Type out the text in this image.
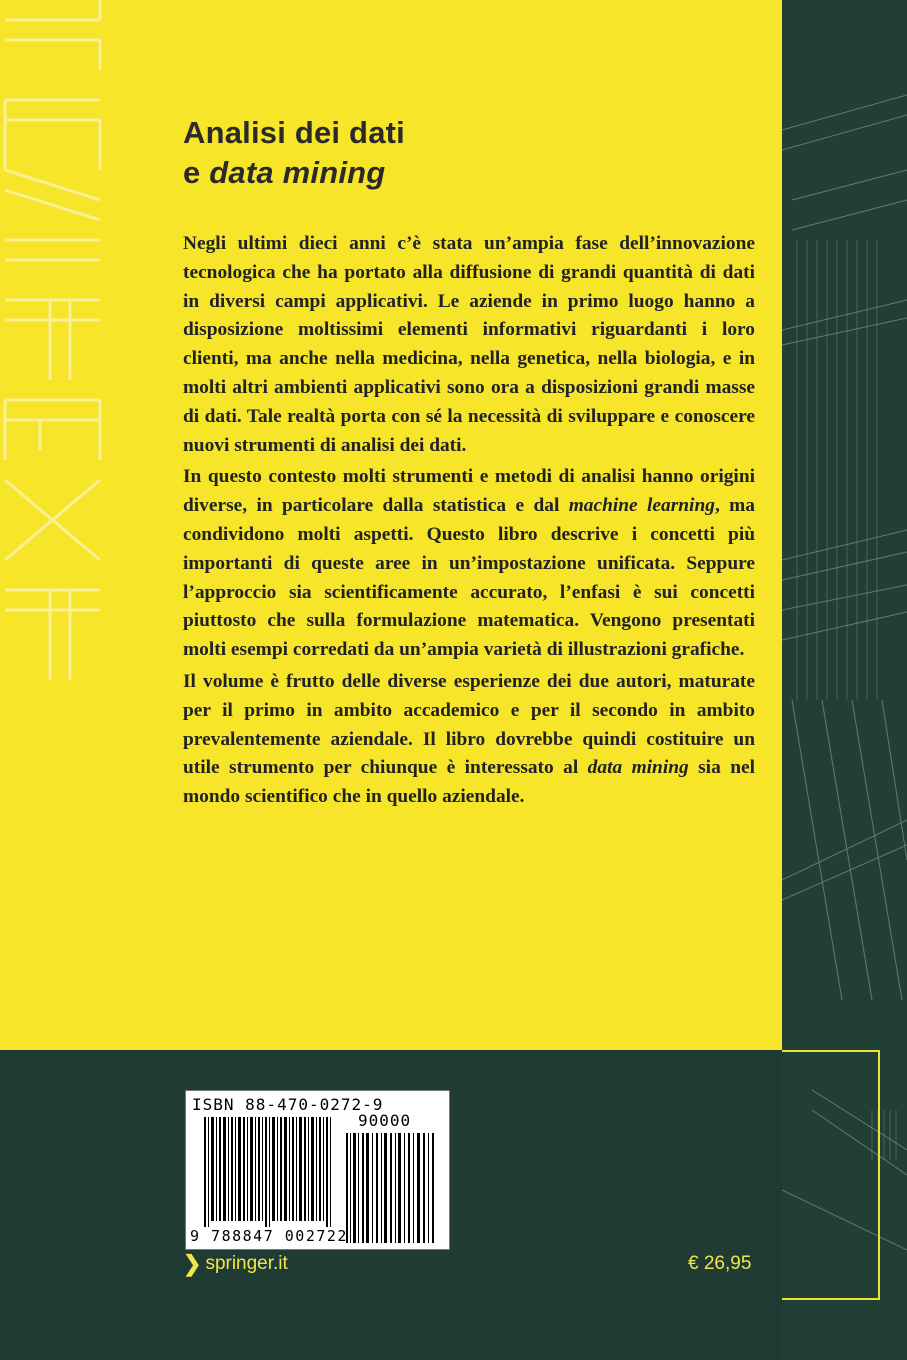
Analisi dei dati
e data mining

Negli ultimi dieci anni c’è stata un’ampia fase dell’innovazione tecnologica che ha portato alla diffusione di grandi quantità di dati in diversi campi applicativi. Le aziende in primo luogo hanno a disposizione moltissimi elementi informativi riguardanti i loro clienti, ma anche nella medicina, nella genetica, nella biologia, e in molti altri ambienti applicativi sono ora a disposizioni grandi masse di dati. Tale realtà porta con sé la necessità di sviluppare e conoscere nuovi strumenti di analisi dei dati.

In questo contesto molti strumenti e metodi di analisi hanno origini diverse, in particolare dalla statistica e dal machine learning, ma condividono molti aspetti. Questo libro descrive i concetti più importanti di queste aree in un’impostazione unificata. Seppure l’approccio sia scientificamente accurato, l’enfasi è sui concetti piuttosto che sulla formulazione matematica. Vengono presentati molti esempi corredati da un’ampia varietà di illustrazioni grafiche.

Il volume è frutto delle diverse esperienze dei due autori, maturate per il primo in ambito accademico e per il secondo in ambito prevalentemente aziendale. Il libro dovrebbe quindi costituire un utile strumento per chiunque è interessato al data mining sia nel mondo scientifico che in quello aziendale.

ISBN 88-470-0272-9
90000
9 788847 002722
❯ springer.it	€ 26,95
